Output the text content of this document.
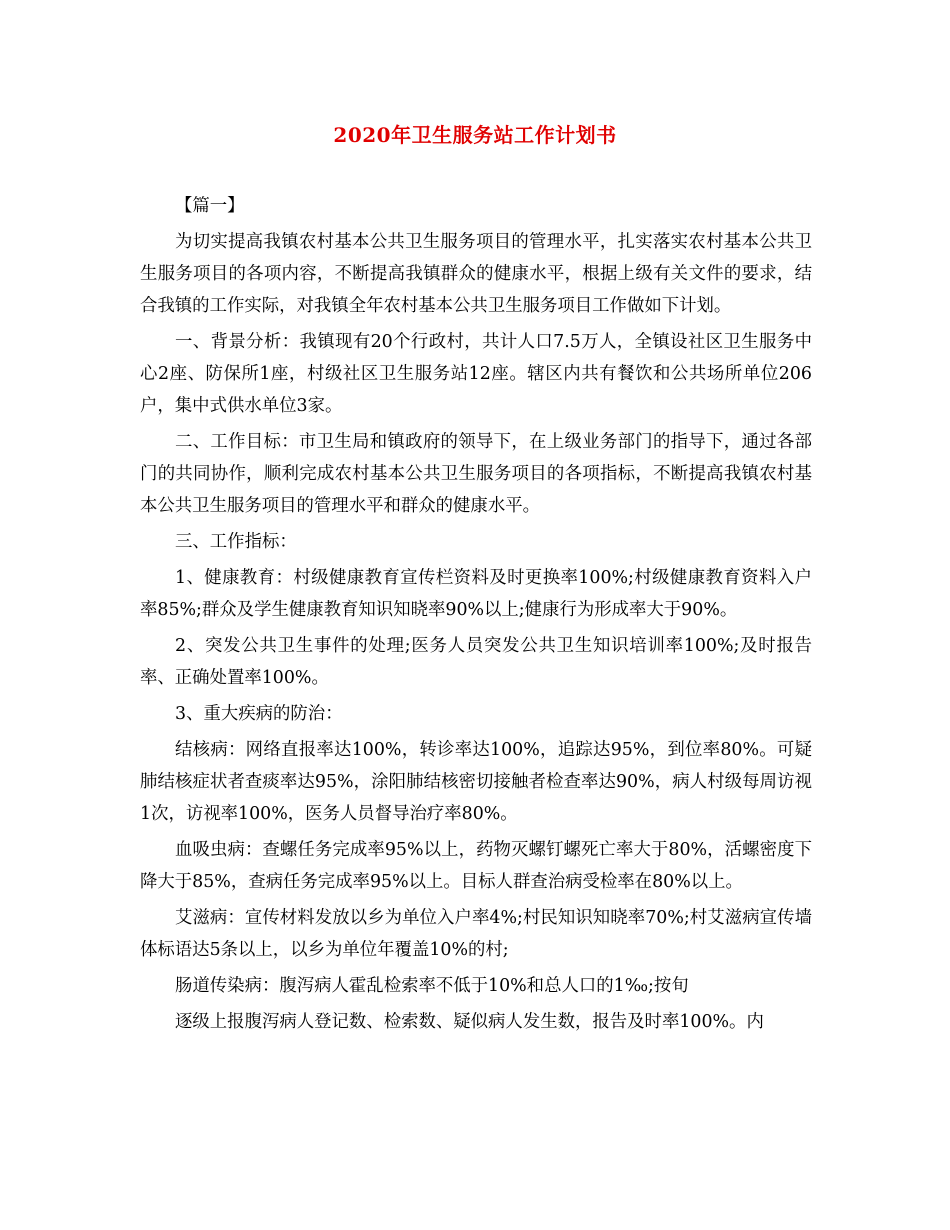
2020年卫生服务站工作计划书

【篇一】

为切实提高我镇农村基本公共卫生服务项目的管理水平，扎实落实农村基本公共卫生服务项目的各项内容，不断提高我镇群众的健康水平，根据上级有关文件的要求，结合我镇的工作实际，对我镇全年农村基本公共卫生服务项目工作做如下计划。

一、背景分析：我镇现有20个行政村，共计人口7.5万人，全镇设社区卫生服务中心2座、防保所1座，村级社区卫生服务站12座。辖区内共有餐饮和公共场所单位206户，集中式供水单位3家。

二、工作目标：市卫生局和镇政府的领导下，在上级业务部门的指导下，通过各部门的共同协作，顺利完成农村基本公共卫生服务项目的各项指标，不断提高我镇农村基本公共卫生服务项目的管理水平和群众的健康水平。

三、工作指标：

1、健康教育：村级健康教育宣传栏资料及时更换率100%;村级健康教育资料入户率85%;群众及学生健康教育知识知晓率90%以上;健康行为形成率大于90%。

2、突发公共卫生事件的处理;医务人员突发公共卫生知识培训率100%;及时报告率、正确处置率100%。

3、重大疾病的防治：

结核病：网络直报率达100%，转诊率达100%，追踪达95%，到位率80%。可疑肺结核症状者查痰率达95%，涂阳肺结核密切接触者检查率达90%，病人村级每周访视1次，访视率100%，医务人员督导治疗率80%。

血吸虫病：查螺任务完成率95%以上，药物灭螺钉螺死亡率大于80%，活螺密度下降大于85%，查病任务完成率95%以上。目标人群查治病受检率在80%以上。

艾滋病：宣传材料发放以乡为单位入户率4%;村民知识知晓率70%;村艾滋病宣传墙体标语达5条以上，以乡为单位年覆盖10%的村;

肠道传染病：腹泻病人霍乱检索率不低于10%和总人口的1‰;按旬

逐级上报腹泻病人登记数、检索数、疑似病人发生数，报告及时率100%。内
